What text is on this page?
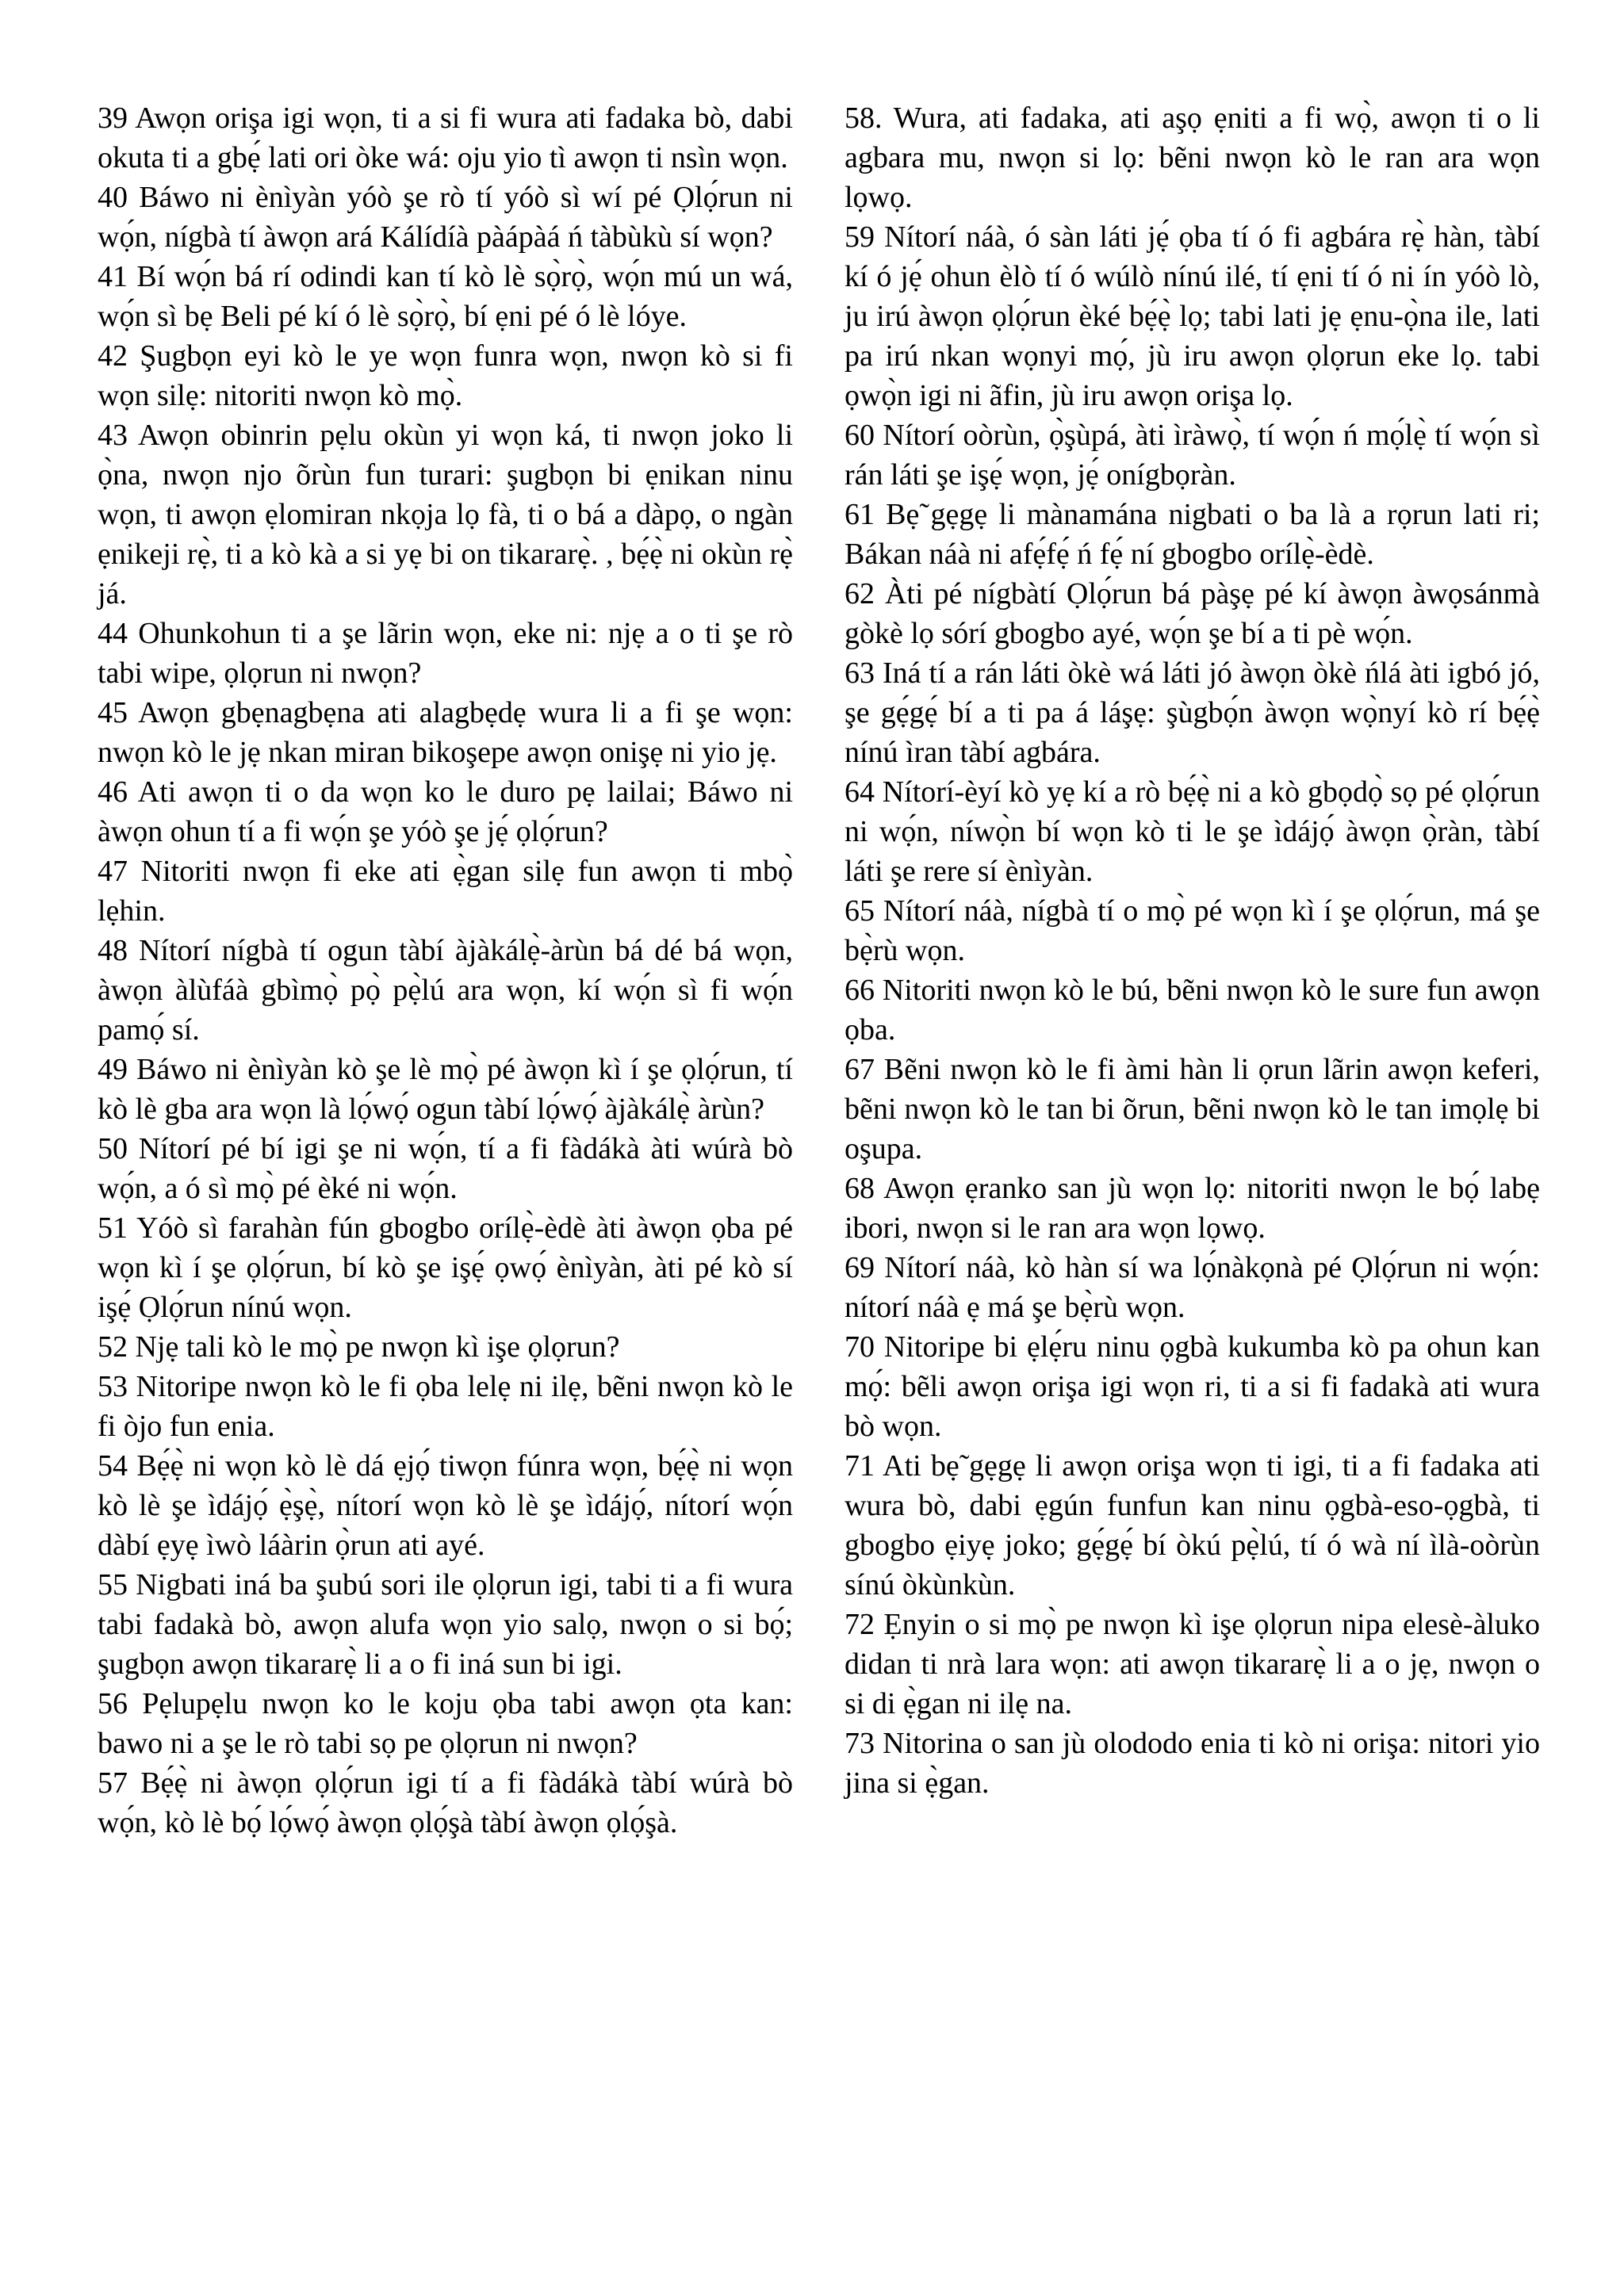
39 Awọn orişa igi wọn, ti a si fi wura ati fadaka bò, dabi okuta ti a gbẹ́ lati ori òke wá: oju yio tì awọn ti nsìn wọn.

40 Báwo ni ènìyàn yóò şe rò tí yóò sì wí pé Ọlọ́run ni wọ́n, nígbà tí àwọn ará Kálídíà pàápàá ń tàbùkù sí wọn?

41 Bí wọ́n bá rí odindi kan tí kò lè sọ̀rọ̀, wọ́n mú un wá, wọ́n sì bẹ Beli pé kí ó lè sọ̀rọ̀, bí ẹni pé ó lè lóye.

42 Şugbọn eyi kò le ye wọn funra wọn, nwọn kò si fi wọn silẹ: nitoriti nwọn kò mọ̀.

43 Awọn obinrin pẹlu okùn yi wọn ká, ti nwọn joko li ọ̀na, nwọn njo õrùn fun turari: şugbọn bi ẹnikan ninu wọn, ti awọn ẹlomiran nkọja lọ fà, ti o bá a dàpọ, o ngàn ẹnikeji rẹ̀, ti a kò kà a si yẹ bi on tikararẹ̀. , bẹ́ẹ̀ ni okùn rẹ̀ já.

44 Ohunkohun ti a şe lãrin wọn, eke ni: njẹ a o ti şe rò tabi wipe, ọlọrun ni nwọn?

45 Awọn gbẹnagbẹna ati alagbẹdẹ wura li a fi şe wọn: nwọn kò le jẹ nkan miran bikoşepe awọn onişẹ ni yio jẹ.

46 Ati awọn ti o da wọn ko le duro pẹ lailai; Báwo ni àwọn ohun tí a fi wọ́n şe yóò şe jẹ́ ọlọ́run?

47 Nitoriti nwọn fi eke ati ẹ̀gan silẹ fun awọn ti mbọ̀ lẹhin.

48 Nítorí nígbà tí ogun tàbí àjàkálẹ̀-àrùn bá dé bá wọn, àwọn àlùfáà gbìmọ̀ pọ̀ pẹ̀lú ara wọn, kí wọ́n sì fi wọ́n pamọ́ sí.

49 Báwo ni ènìyàn kò şe lè mọ̀ pé àwọn kì í şe ọlọ́run, tí kò lè gba ara wọn là lọ́wọ́ ogun tàbí lọ́wọ́ àjàkálẹ̀ àrùn?

50 Nítorí pé bí igi şe ni wọ́n, tí a fi fàdákà àti wúrà bò wọ́n, a ó sì mọ̀ pé èké ni wọ́n.

51 Yóò sì farahàn fún gbogbo orílẹ̀-èdè àti àwọn ọba pé wọn kì í şe ọlọ́run, bí kò şe işẹ́ ọwọ́ ènìyàn, àti pé kò sí işẹ́ Ọlọ́run nínú wọn.

52 Njẹ tali kò le mọ̀ pe nwọn kì işe ọlọrun?

53 Nitoripe nwọn kò le fi ọba lelẹ ni ilẹ, bẽni nwọn kò le fi òjo fun enia.

54 Bẹ́ẹ̀ ni wọn kò lè dá ẹjọ́ tiwọn fúnra wọn, bẹ́ẹ̀ ni wọn kò lè şe ìdájọ́ ẹ̀şẹ̀, nítorí wọn kò lè şe ìdájọ́, nítorí wọ́n dàbí ẹyẹ ìwò láàrin ọ̀run ati ayé.

55 Nigbati iná ba şubú sori ile ọlọrun igi, tabi ti a fi wura tabi fadakà bò, awọn alufa wọn yio salọ, nwọn o si bọ́; şugbọn awọn tikararẹ̀ li a o fi iná sun bi igi.

56 Pẹlupẹlu nwọn ko le koju ọba tabi awọn ọta kan: bawo ni a şe le rò tabi sọ pe ọlọrun ni nwọn?

57 Bẹ́ẹ̀ ni àwọn ọlọ́run igi tí a fi fàdákà tàbí wúrà bò wọ́n, kò lè bọ́ lọ́wọ́ àwọn ọlọ́şà tàbí àwọn ọlọ́şà.

58. Wura, ati fadaka, ati aşọ ẹniti a fi wọ̀, awọn ti o li agbara mu, nwọn si lọ: bẽni nwọn kò le ran ara wọn lọwọ.

59 Nítorí náà, ó sàn láti jẹ́ ọba tí ó fi agbára rẹ̀ hàn, tàbí kí ó jẹ́ ohun èlò tí ó wúlò nínú ilé, tí ẹni tí ó ni ín yóò lò, ju irú àwọn ọlọ́run èké bẹ́ẹ̀ lọ; tabi lati jẹ ẹnu-ọ̀na ile, lati pa irú nkan wọnyi mọ́, jù iru awọn ọlọrun eke lọ. tabi ọwọ̀n igi ni ãfin, jù iru awọn orişa lọ.

60 Nítorí oòrùn, ọ̀şùpá, àti ìràwọ̀, tí wọ́n ń mọ́lẹ̀ tí wọ́n sì rán láti şe işẹ́ wọn, jẹ́ onígbọràn.

61 Bẹ̃ gẹgẹ li mànamána nigbati o ba là a rọrun lati ri; Bákan náà ni afẹ́fẹ́ ń fẹ́ ní gbogbo orílẹ̀-èdè.

62 Àti pé nígbàtí Ọlọ́run bá pàşẹ pé kí àwọn àwọsánmà gòkè lọ sórí gbogbo ayé, wọ́n şe bí a ti pè wọ́n.

63 Iná tí a rán láti òkè wá láti jó àwọn òkè ńlá àti igbó jó, şe gẹ́gẹ́ bí a ti pa á láşẹ: şùgbọ́n àwọn wọ̀nyí kò rí bẹ́ẹ̀ nínú ìran tàbí agbára.

64 Nítorí-èyí kò yẹ kí a rò bẹ́ẹ̀ ni a kò gbọdọ̀ sọ pé ọlọ́run ni wọ́n, níwọ̀n bí wọn kò ti le şe ìdájọ́ àwọn ọ̀ràn, tàbí láti şe rere sí ènìyàn.

65 Nítorí náà, nígbà tí o mọ̀ pé wọn kì í şe ọlọ́run, má şe bẹ̀rù wọn.

66 Nitoriti nwọn kò le bú, bẽni nwọn kò le sure fun awọn ọba.

67 Bẽni nwọn kò le fi àmi hàn li ọrun lãrin awọn keferi, bẽni nwọn kò le tan bi õrun, bẽni nwọn kò le tan imọlẹ bi oşupa.

68 Awọn ẹranko san jù wọn lọ: nitoriti nwọn le bọ́ labẹ ibori, nwọn si le ran ara wọn lọwọ.

69 Nítorí náà, kò hàn sí wa lọ́nàkọnà pé Ọlọ́run ni wọ́n: nítorí náà ẹ má şe bẹ̀rù wọn.

70 Nitoripe bi ẹlẹ́ru ninu ọgbà kukumba kò pa ohun kan mọ́: bẽli awọn orişa igi wọn ri, ti a si fi fadakà ati wura bò wọn.

71 Ati bẹ̃ gẹgẹ li awọn orişa wọn ti igi, ti a fi fadaka ati wura bò, dabi ẹgún funfun kan ninu ọgbà-eso-ọgbà, ti gbogbo ẹiyẹ joko; gẹ́gẹ́ bí òkú pẹ̀lú, tí ó wà ní ìlà-oòrùn sínú òkùnkùn.

72 Ẹnyin o si mọ̀ pe nwọn kì işe ọlọrun nipa elesè-àluko didan ti nrà lara wọn: ati awọn tikararẹ̀ li a o jẹ, nwọn o si di ẹ̀gan ni ilẹ na.

73 Nitorina o san jù olododo enia ti kò ni orişa: nitori yio jina si ẹ̀gan.
